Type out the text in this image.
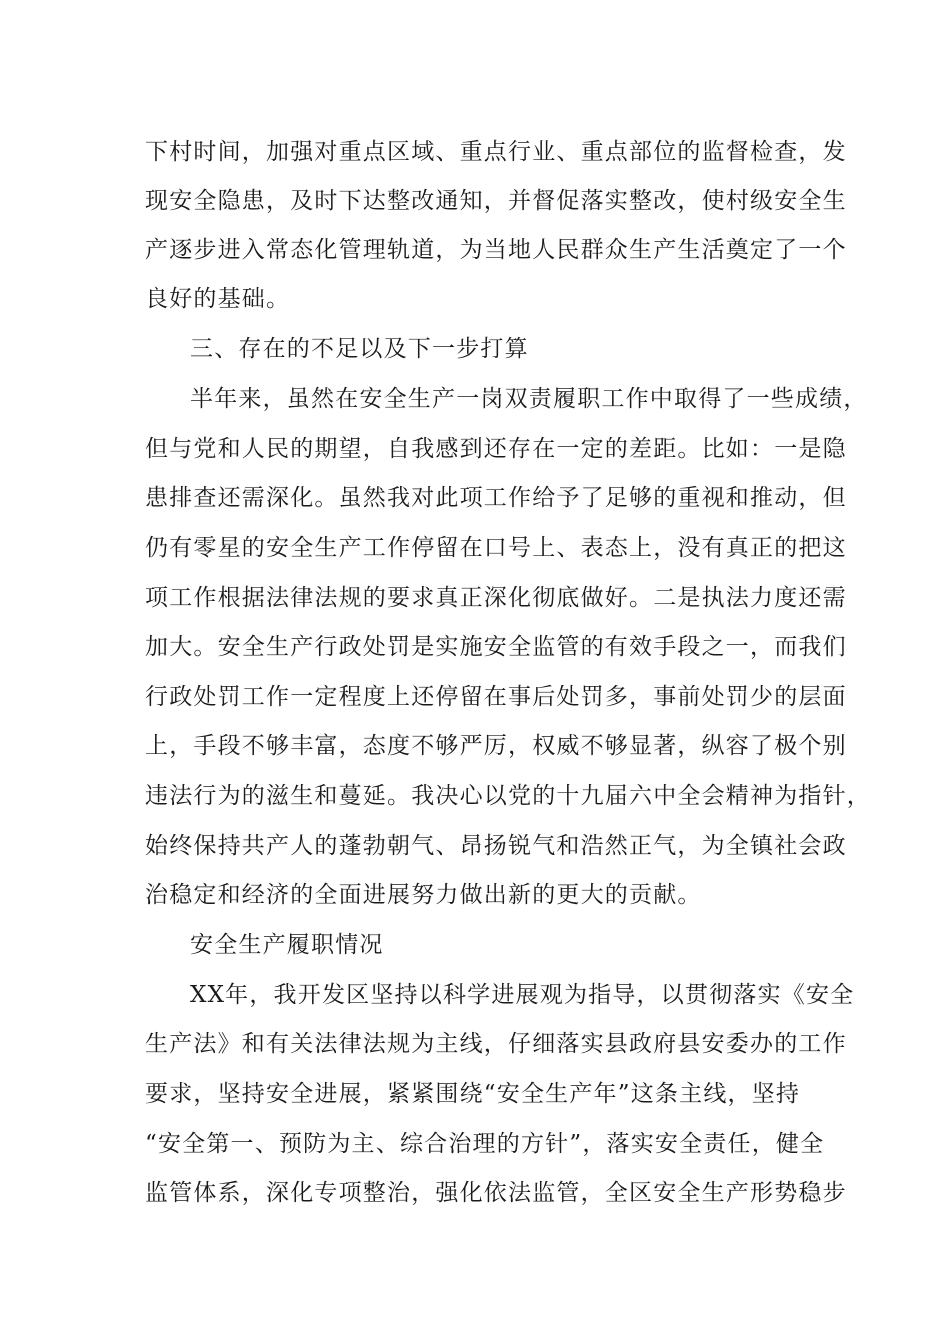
下村时间，加强对重点区域、重点行业、重点部位的监督检查，发
现安全隐患，及时下达整改通知，并督促落实整改，使村级安全生
产逐步进入常态化管理轨道，为当地人民群众生产生活奠定了一个
良好的基础。
三、存在的不足以及下一步打算
半年来，虽然在安全生产一岗双责履职工作中取得了一些成绩，
但与党和人民的期望，自我感到还存在一定的差距。比如：一是隐
患排查还需深化。虽然我对此项工作给予了足够的重视和推动，但
仍有零星的安全生产工作停留在口号上、表态上，没有真正的把这
项工作根据法律法规的要求真正深化彻底做好。二是执法力度还需
加大。安全生产行政处罚是实施安全监管的有效手段之一，而我们
行政处罚工作一定程度上还停留在事后处罚多，事前处罚少的层面
上，手段不够丰富，态度不够严厉，权威不够显著，纵容了极个别
违法行为的滋生和蔓延。我决心以党的十九届六中全会精神为指针，
始终保持共产人的蓬勃朝气、昂扬锐气和浩然正气，为全镇社会政
治稳定和经济的全面进展努力做出新的更大的贡献。
安全生产履职情况
XX年，我开发区坚持以科学进展观为指导，以贯彻落实《安全
生产法》和有关法律法规为主线，仔细落实县政府县安委办的工作
要求，坚持安全进展，紧紧围绕“安全生产年”这条主线，坚持
“安全第一、预防为主、综合治理的方针”，落实安全责任，健全
监管体系，深化专项整治，强化依法监管，全区安全生产形势稳步
